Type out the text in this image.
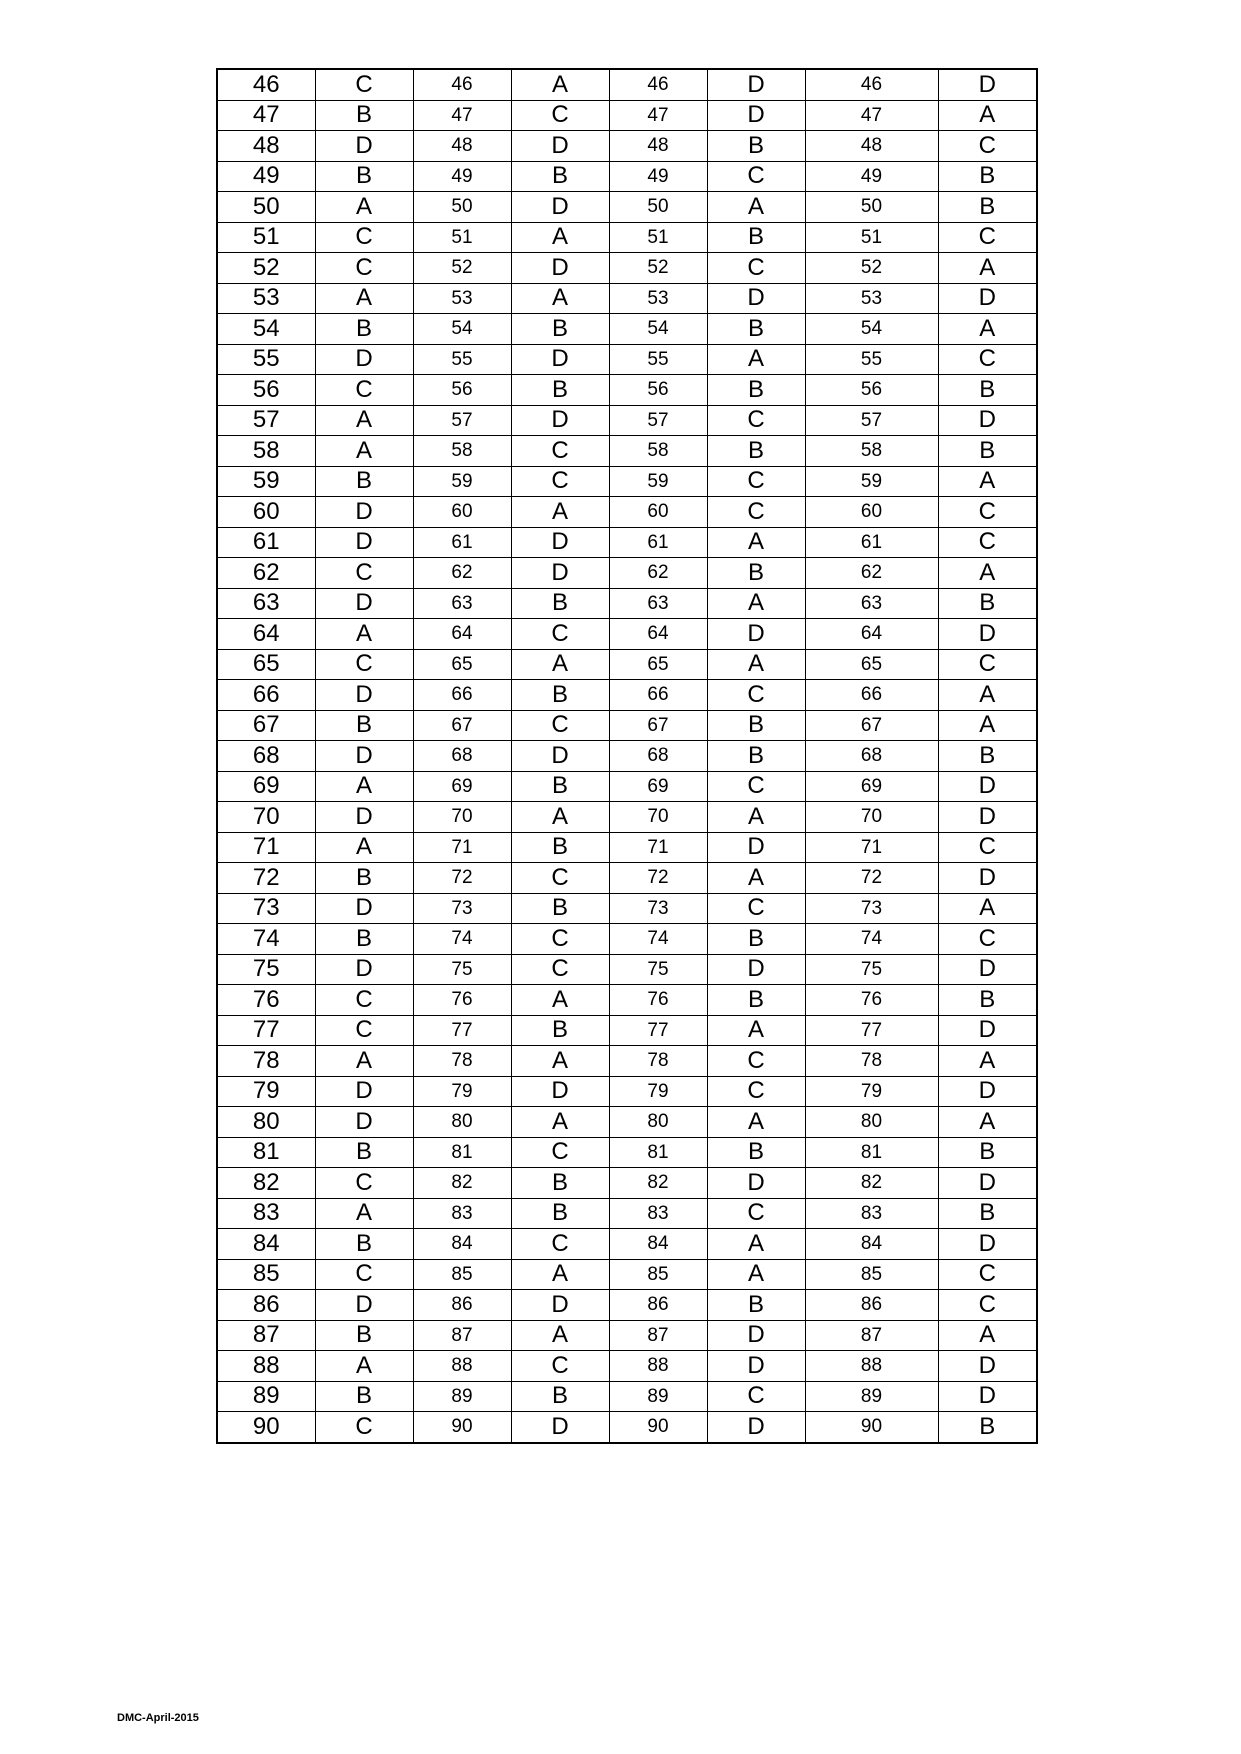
46	C	46	A	46	D	46	D
47	B	47	C	47	D	47	A
48	D	48	D	48	B	48	C
49	B	49	B	49	C	49	B
50	A	50	D	50	A	50	B
51	C	51	A	51	B	51	C
52	C	52	D	52	C	52	A
53	A	53	A	53	D	53	D
54	B	54	B	54	B	54	A
55	D	55	D	55	A	55	C
56	C	56	B	56	B	56	B
57	A	57	D	57	C	57	D
58	A	58	C	58	B	58	B
59	B	59	C	59	C	59	A
60	D	60	A	60	C	60	C
61	D	61	D	61	A	61	C
62	C	62	D	62	B	62	A
63	D	63	B	63	A	63	B
64	A	64	C	64	D	64	D
65	C	65	A	65	A	65	C
66	D	66	B	66	C	66	A
67	B	67	C	67	B	67	A
68	D	68	D	68	B	68	B
69	A	69	B	69	C	69	D
70	D	70	A	70	A	70	D
71	A	71	B	71	D	71	C
72	B	72	C	72	A	72	D
73	D	73	B	73	C	73	A
74	B	74	C	74	B	74	C
75	D	75	C	75	D	75	D
76	C	76	A	76	B	76	B
77	C	77	B	77	A	77	D
78	A	78	A	78	C	78	A
79	D	79	D	79	C	79	D
80	D	80	A	80	A	80	A
81	B	81	C	81	B	81	B
82	C	82	B	82	D	82	D
83	A	83	B	83	C	83	B
84	B	84	C	84	A	84	D
85	C	85	A	85	A	85	C
86	D	86	D	86	B	86	C
87	B	87	A	87	D	87	A
88	A	88	C	88	D	88	D
89	B	89	B	89	C	89	D
90	C	90	D	90	D	90	B
DMC-April-2015
